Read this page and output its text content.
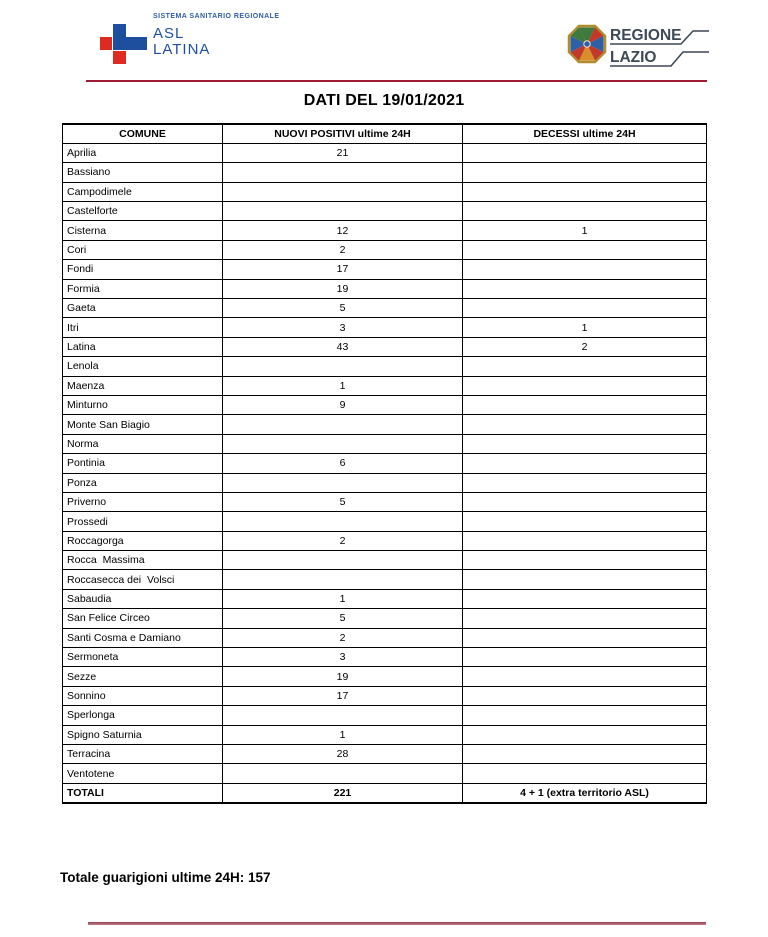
SISTEMA SANITARIO REGIONALE
ASL
LATINA
REGIONE
LAZIO
DATI DEL 19/01/2021
COMUNE	NUOVI POSITIVI ultime 24H	DECESSI ultime 24H
Aprilia	21	
Bassiano		
Campodimele		
Castelforte		
Cisterna	12	1
Cori	2	
Fondi	17	
Formia	19	
Gaeta	5	
Itri	3	1
Latina	43	2
Lenola		
Maenza	1	
Minturno	9	
Monte San Biagio		
Norma		
Pontinia	6	
Ponza		
Priverno	5	
Prossedi		
Roccagorga	2	
Rocca  Massima		
Roccasecca dei  Volsci		
Sabaudia	1	
San Felice Circeo	5	
Santi Cosma e Damiano	2	
Sermoneta	3	
Sezze	19	
Sonnino	17	
Sperlonga		
Spigno Saturnia	1	
Terracina	28	
Ventotene		
TOTALI	221	4 + 1 (extra territorio ASL)
Totale guarigioni ultime 24H: 157
